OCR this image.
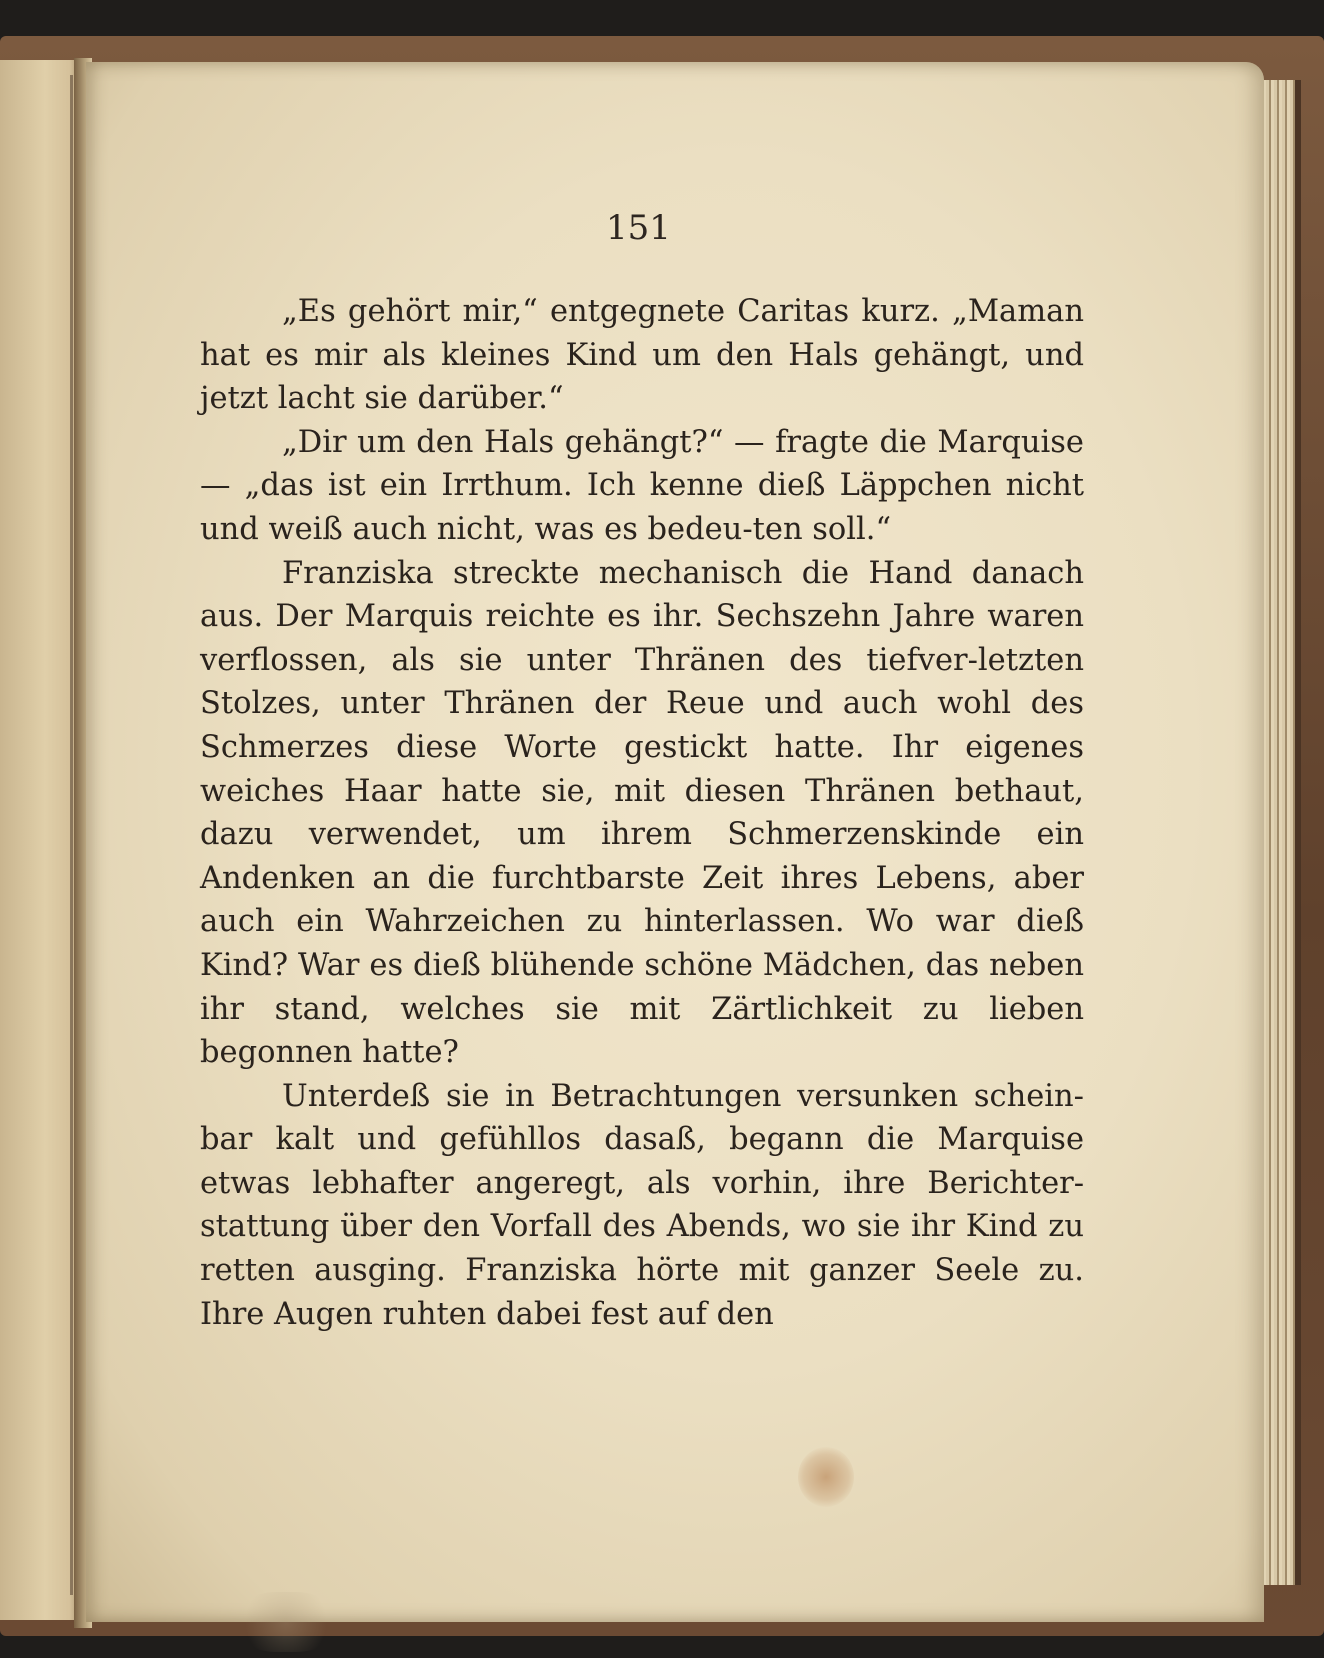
151

„Es gehört mir,“ entgegnete Caritas kurz. „Maman hat es mir als kleines Kind um den Hals gehängt, und jetzt lacht sie darüber.“

„Dir um den Hals gehängt?“ — fragte die Marquise — „das ist ein Irrthum. Ich kenne dieß Läppchen nicht und weiß auch nicht, was es bedeu-ten soll.“

Franziska streckte mechanisch die Hand danach aus. Der Marquis reichte es ihr. Sechszehn Jahre waren verflossen, als sie unter Thränen des tiefver-letzten Stolzes, unter Thränen der Reue und auch wohl des Schmerzes diese Worte gestickt hatte. Ihr eigenes weiches Haar hatte sie, mit diesen Thränen bethaut, dazu verwendet, um ihrem Schmerzenskinde ein Andenken an die furchtbarste Zeit ihres Lebens, aber auch ein Wahrzeichen zu hinterlassen. Wo war dieß Kind? War es dieß blühende schöne Mädchen, das neben ihr stand, welches sie mit Zärtlichkeit zu lieben begonnen hatte?

Unterdeß sie in Betrachtungen versunken schein-bar kalt und gefühllos dasaß, begann die Marquise etwas lebhafter angeregt, als vorhin, ihre Berichter-stattung über den Vorfall des Abends, wo sie ihr Kind zu retten ausging. Franziska hörte mit ganzer Seele zu. Ihre Augen ruhten dabei fest auf den
